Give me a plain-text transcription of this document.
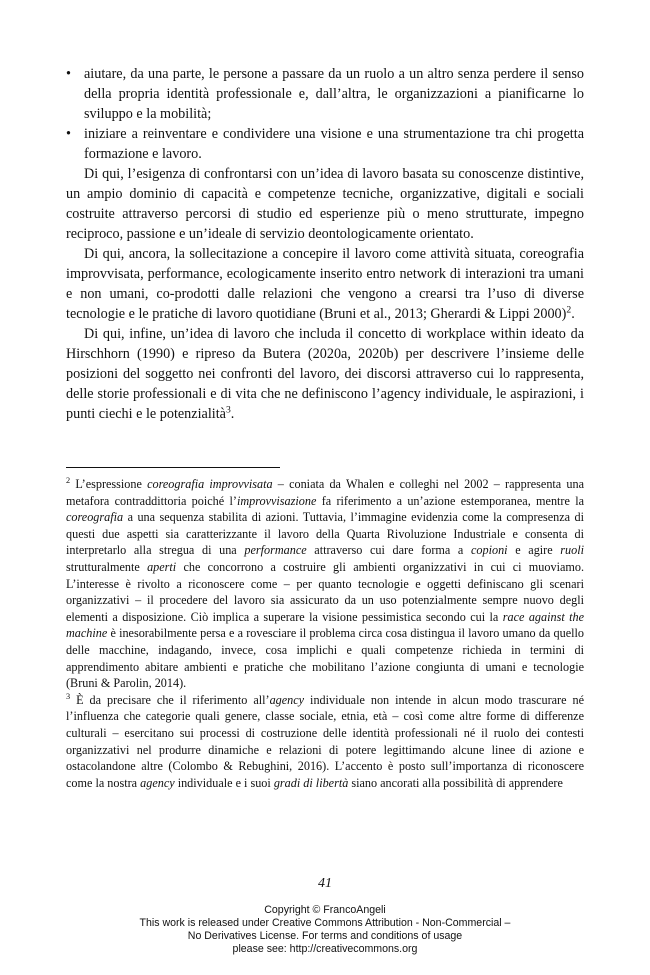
• aiutare, da una parte, le persone a passare da un ruolo a un altro senza perdere il senso della propria identità professionale e, dall’altra, le organizzazioni a pianificarne lo sviluppo e la mobilità;

• iniziare a reinventare e condividere una visione e una strumentazione tra chi progetta formazione e lavoro.

Di qui, l’esigenza di confrontarsi con un’idea di lavoro basata su conoscenze distintive, un ampio dominio di capacità e competenze tecniche, organizzative, digitali e sociali costruite attraverso percorsi di studio ed esperienze più o meno strutturate, impegno reciproco, passione e un’ideale di servizio deontologicamente orientato.

Di qui, ancora, la sollecitazione a concepire il lavoro come attività situata, coreografia improvvisata, performance, ecologicamente inserito entro network di interazioni tra umani e non umani, co-prodotti dalle relazioni che vengono a crearsi tra l’uso di diverse tecnologie e le pratiche di lavoro quotidiane (Bruni et al., 2013; Gherardi & Lippi 2000)$^2$.

Di qui, infine, un’idea di lavoro che includa il concetto di workplace within ideato da Hirschhorn (1990) e ripreso da Butera (2020a, 2020b) per descrivere l’insieme delle posizioni del soggetto nei confronti del lavoro, dei discorsi attraverso cui lo rappresenta, delle storie professionali e di vita che ne definiscono l’agency individuale, le aspirazioni, i punti ciechi e le potenzialità$^3$.

$^2$ L’espressione coreografia improvvisata – coniata da Whalen e colleghi nel 2002 – rappresenta una metafora contraddittoria poiché l’improvvisazione fa riferimento a un’azione estemporanea, mentre la coreografia a una sequenza stabilita di azioni. Tuttavia, l’immagine evidenzia come la compresenza di questi due aspetti sia caratterizzante il lavoro della Quarta Rivoluzione Industriale e consenta di interpretarlo alla stregua di una performance attraverso cui dare forma a copioni e agire ruoli strutturalmente aperti che concorrono a costruire gli ambienti organizzativi in cui ci muoviamo. L’interesse è rivolto a riconoscere come – per quanto tecnologie e oggetti definiscano gli scenari organizzativi – il procedere del lavoro sia assicurato da un uso potenzialmente sempre nuovo degli elementi a disposizione. Ciò implica a superare la visione pessimistica secondo cui la race against the machine è inesorabilmente persa e a rovesciare il problema circa cosa distingua il lavoro umano da quello delle macchine, indagando, invece, cosa implichi e quali competenze richieda in termini di apprendimento abitare ambienti e pratiche che mobilitano l’azione congiunta di umani e tecnologie (Bruni & Parolin, 2014).

$^3$ È da precisare che il riferimento all’agency individuale non intende in alcun modo trascurare né l’influenza che categorie quali genere, classe sociale, etnia, età – così come altre forme di differenze culturali – esercitano sui processi di costruzione delle identità professionali né il ruolo dei contesti organizzativi nel produrre dinamiche e relazioni di potere legittimando alcune linee di azione e ostacolandone altre (Colombo & Rebughini, 2016). L’accento è posto sull’importanza di riconoscere come la nostra agency individuale e i suoi gradi di libertà siano ancorati alla possibilità di apprendere

41
Copyright © FrancoAngeli
This work is released under Creative Commons Attribution - Non-Commercial –
No Derivatives License. For terms and conditions of usage
please see: http://creativecommons.org
